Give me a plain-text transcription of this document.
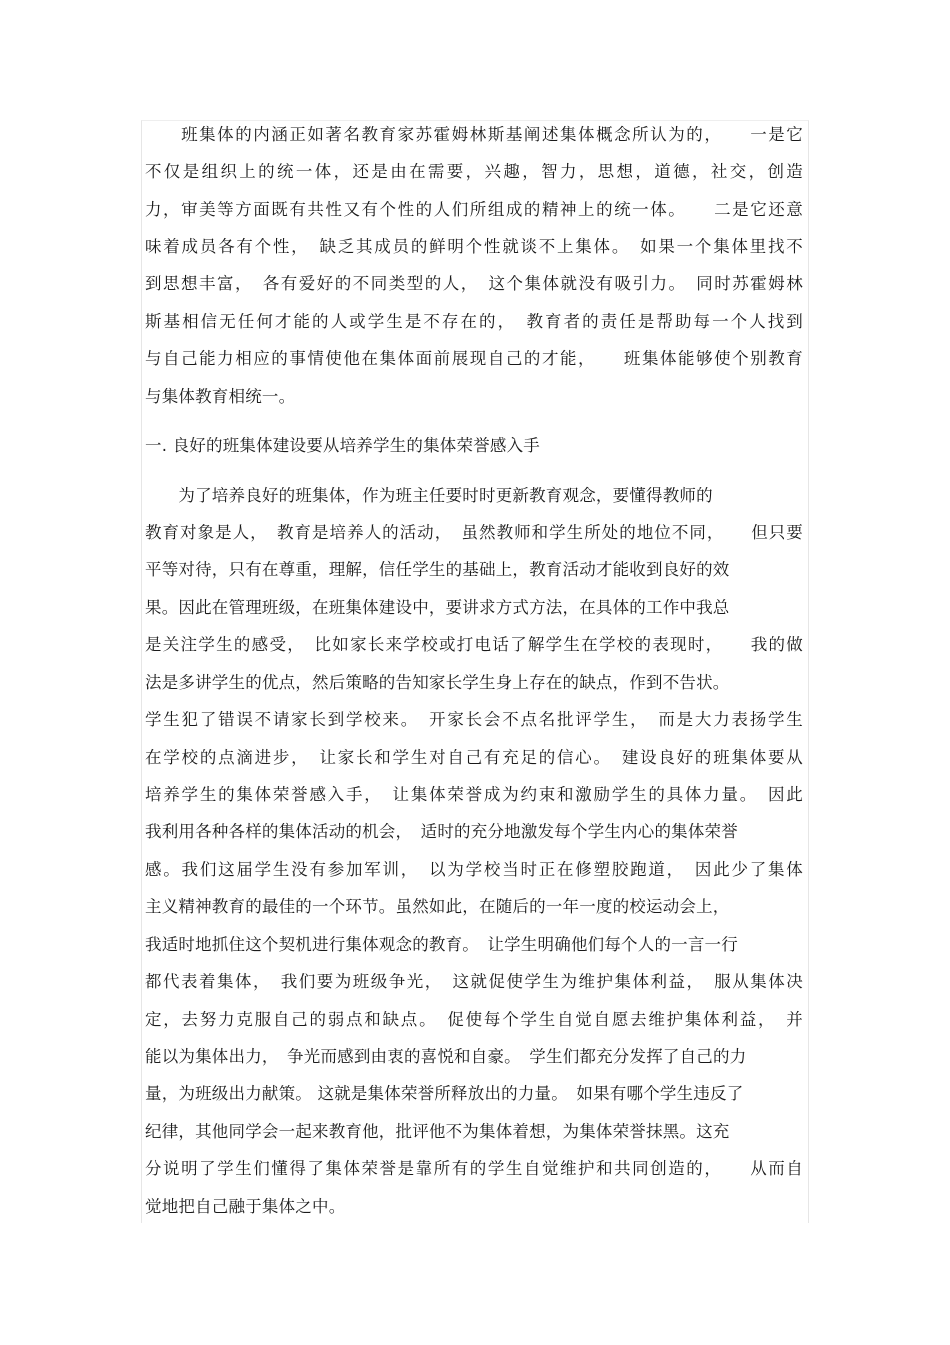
　　班集体的内涵正如著名教育家苏霍姆林斯基阐述集体概念所认为的，　　一是它
不仅是组织上的统一体，还是由在需要，兴趣，智力，思想，道德，社交，创造
力，审美等方面既有共性又有个性的人们所组成的精神上的统一体。　　二是它还意
味着成员各有个性，　缺乏其成员的鲜明个性就谈不上集体。　如果一个集体里找不
到思想丰富，　各有爱好的不同类型的人，　这个集体就没有吸引力。　同时苏霍姆林
斯基相信无任何才能的人或学生是不存在的，　教育者的责任是帮助每一个人找到
与自己能力相应的事情使他在集体面前展现自己的才能，　　班集体能够使个别教育
与集体教育相统一。
一. 良好的班集体建设要从培养学生的集体荣誉感入手
　　为了培养良好的班集体，作为班主任要时时更新教育观念，要懂得教师的
教育对象是人，　教育是培养人的活动，　虽然教师和学生所处的地位不同，　　但只要
平等对待，只有在尊重，理解，信任学生的基础上，教育活动才能收到良好的效
果。因此在管理班级，在班集体建设中，要讲求方式方法，在具体的工作中我总
是关注学生的感受，　比如家长来学校或打电话了解学生在学校的表现时，　　我的做
法是多讲学生的优点，然后策略的告知家长学生身上存在的缺点，作到不告状。
学生犯了错误不请家长到学校来。　开家长会不点名批评学生，　而是大力表扬学生
在学校的点滴进步，　让家长和学生对自己有充足的信心。　建设良好的班集体要从
培养学生的集体荣誉感入手，　让集体荣誉成为约束和激励学生的具体力量。　因此
我利用各种各样的集体活动的机会，　适时的充分地激发每个学生内心的集体荣誉
感。我们这届学生没有参加军训，　以为学校当时正在修塑胶跑道，　因此少了集体
主义精神教育的最佳的一个环节。虽然如此，在随后的一年一度的校运动会上，
我适时地抓住这个契机进行集体观念的教育。　让学生明确他们每个人的一言一行
都代表着集体，　我们要为班级争光，　这就促使学生为维护集体利益，　服从集体决
定，去努力克服自己的弱点和缺点。　促使每个学生自觉自愿去维护集体利益，　并
能以为集体出力，　争光而感到由衷的喜悦和自豪。　学生们都充分发挥了自己的力
量，为班级出力献策。 这就是集体荣誉所释放出的力量。　如果有哪个学生违反了
纪律，其他同学会一起来教育他，批评他不为集体着想，为集体荣誉抹黑。这充
分说明了学生们懂得了集体荣誉是靠所有的学生自觉维护和共同创造的，　　从而自
觉地把自己融于集体之中。
